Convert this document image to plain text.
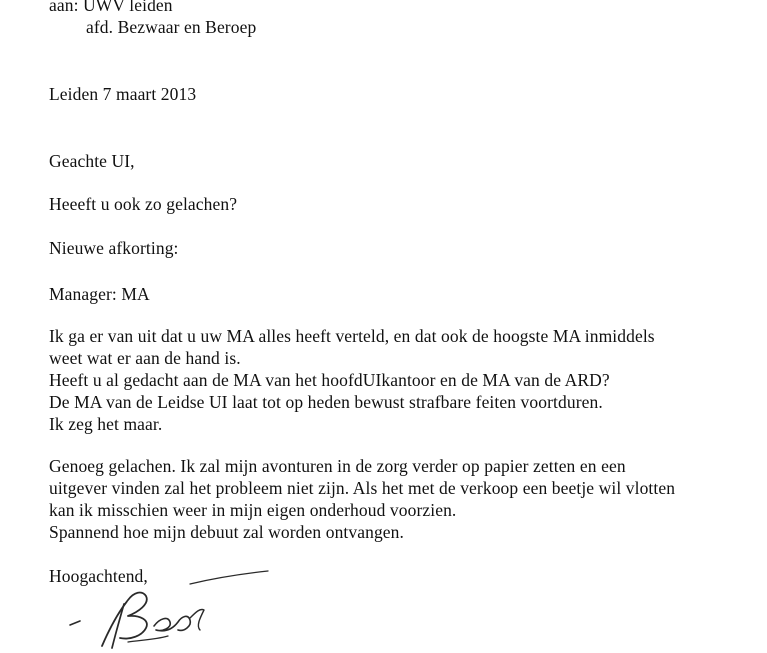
aan: UWV leiden
afd. Bezwaar en Beroep
Leiden 7 maart 2013
Geachte UI,
Heeeft u ook zo gelachen?
Nieuwe afkorting:
Manager: MA
Ik ga er van uit dat u uw MA alles heeft verteld, en dat ook de hoogste MA inmiddels
weet wat er aan de hand is.
Heeft u al gedacht aan de MA van het hoofdUIkantoor en de MA van de ARD?
De MA van de Leidse UI laat tot op heden bewust strafbare feiten voortduren.
Ik zeg het maar.
Genoeg gelachen. Ik zal mijn avonturen in de zorg verder op papier zetten en een
uitgever vinden zal het probleem niet zijn. Als het met de verkoop een beetje wil vlotten
kan ik misschien weer in mijn eigen onderhoud voorzien.
Spannend hoe mijn debuut zal worden ontvangen.
Hoogachtend,
